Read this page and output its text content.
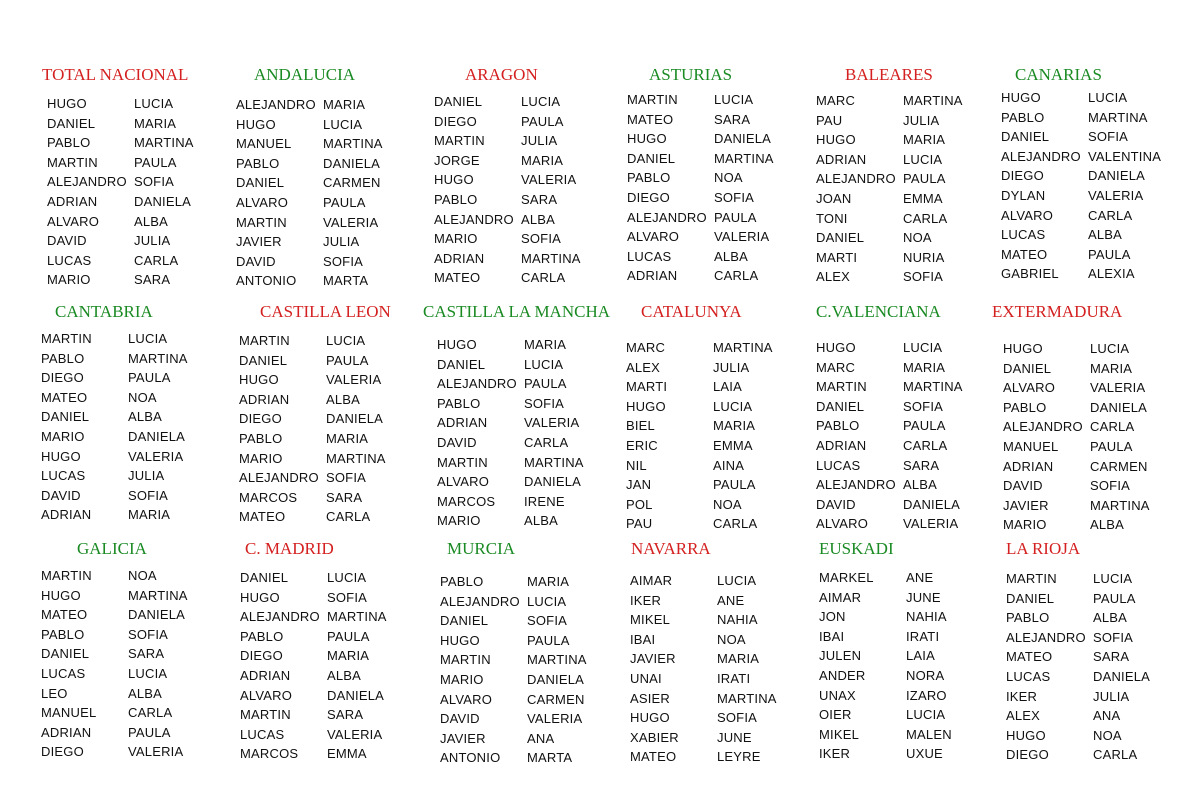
TOTAL NACIONAL
HUGO	LUCIA
DANIEL	MARIA
PABLO	MARTINA
MARTIN	PAULA
ALEJANDRO SOFIA
ADRIAN	DANIELA
ALVARO	ALBA
DAVID	JULIA
LUCAS	CARLA
MARIO	SARA
ANDALUCIA
ALEJANDRO MARIA
HUGO	LUCIA
MANUEL MARTINA
PABLO	DANIELA
DANIEL	CARMEN
ALVARO	PAULA
MARTIN	VALERIA
JAVIER	JULIA
DAVID	SOFIA
ANTONIO MARTA
ARAGON
DANIEL	LUCIA
DIEGO	PAULA
MARTIN	JULIA
JORGE	MARIA
HUGO	VALERIA
PABLO	SARA
ALEJANDRO ALBA
MARIO	SOFIA
ADRIAN	MARTINA
MATEO	CARLA
ASTURIAS
MARTIN	LUCIA
MATEO	SARA
HUGO	DANIELA
DANIEL	MARTINA
PABLO	NOA
DIEGO	SOFIA
ALEJANDRO PAULA
ALVARO	VALERIA
LUCAS	ALBA
ADRIAN	CARLA
BALEARES
MARC	MARTINA
PAU	JULIA
HUGO	MARIA
ADRIAN	LUCIA
ALEJANDRO PAULA
JOAN	EMMA
TONI	CARLA
DANIEL	NOA
MARTI	NURIA
ALEX	SOFIA
CANARIAS
HUGO	LUCIA
PABLO	MARTINA
DANIEL	SOFIA
ALEJANDRO VALENTINA
DIEGO	DANIELA
DYLAN	VALERIA
ALVARO	CARLA
LUCAS	ALBA
MATEO	PAULA
GABRIEL ALEXIA
CANTABRIA
MARTIN	LUCIA
PABLO	MARTINA
DIEGO	PAULA
MATEO	NOA
DANIEL	ALBA
MARIO	DANIELA
HUGO	VALERIA
LUCAS	JULIA
DAVID	SOFIA
ADRIAN	MARIA
CASTILLA LEON
MARTIN	LUCIA
DANIEL	PAULA
HUGO	VALERIA
ADRIAN	ALBA
DIEGO	DANIELA
PABLO	MARIA
MARIO	MARTINA
ALEJANDRO SOFIA
MARCOS SARA
MATEO	CARLA
CASTILLA LA MANCHA
HUGO	MARIA
DANIEL	LUCIA
ALEJANDRO PAULA
PABLO	SOFIA
ADRIAN	VALERIA
DAVID	CARLA
MARTIN	MARTINA
ALVARO	DANIELA
MARCOS IRENE
MARIO	ALBA
CATALUNYA
MARC	MARTINA
ALEX	JULIA
MARTI	LAIA
HUGO	LUCIA
BIEL	MARIA
ERIC	EMMA
NIL	AINA
JAN	PAULA
POL	NOA
PAU	CARLA
C.VALENCIANA
HUGO	LUCIA
MARC	MARIA
MARTIN	MARTINA
DANIEL	SOFIA
PABLO	PAULA
ADRIAN	CARLA
LUCAS	SARA
ALEJANDRO ALBA
DAVID	DANIELA
ALVARO	VALERIA
EXTERMADURA
HUGO	LUCIA
DANIEL	MARIA
ALVARO	VALERIA
PABLO	DANIELA
ALEJANDRO CARLA
MANUEL PAULA
ADRIAN	CARMEN
DAVID	SOFIA
JAVIER	MARTINA
MARIO	ALBA
GALICIA
MARTIN	NOA
HUGO	MARTINA
MATEO	DANIELA
PABLO	SOFIA
DANIEL	SARA
LUCAS	LUCIA
LEO	ALBA
MANUEL CARLA
ADRIAN	PAULA
DIEGO	VALERIA
C. MADRID
DANIEL	LUCIA
HUGO	SOFIA
ALEJANDRO MARTINA
PABLO	PAULA
DIEGO	MARIA
ADRIAN	ALBA
ALVARO	DANIELA
MARTIN	SARA
LUCAS	VALERIA
MARCOS EMMA
MURCIA
PABLO	MARIA
ALEJANDRO LUCIA
DANIEL	SOFIA
HUGO	PAULA
MARTIN	MARTINA
MARIO	DANIELA
ALVARO	CARMEN
DAVID	VALERIA
JAVIER	ANA
ANTONIO MARTA
NAVARRA
AIMAR	LUCIA
IKER	ANE
MIKEL	NAHIA
IBAI	NOA
JAVIER	MARIA
UNAI	IRATI
ASIER	MARTINA
HUGO	SOFIA
XABIER	JUNE
MATEO	LEYRE
EUSKADI
MARKEL ANE
AIMAR	JUNE
JON	NAHIA
IBAI	IRATI
JULEN	LAIA
ANDER	NORA
UNAX	IZARO
OIER	LUCIA
MIKEL	MALEN
IKER	UXUE
LA RIOJA
MARTIN	LUCIA
DANIEL	PAULA
PABLO	ALBA
ALEJANDRO SOFIA
MATEO	SARA
LUCAS	DANIELA
IKER	JULIA
ALEX	ANA
HUGO	NOA
DIEGO	CARLA
